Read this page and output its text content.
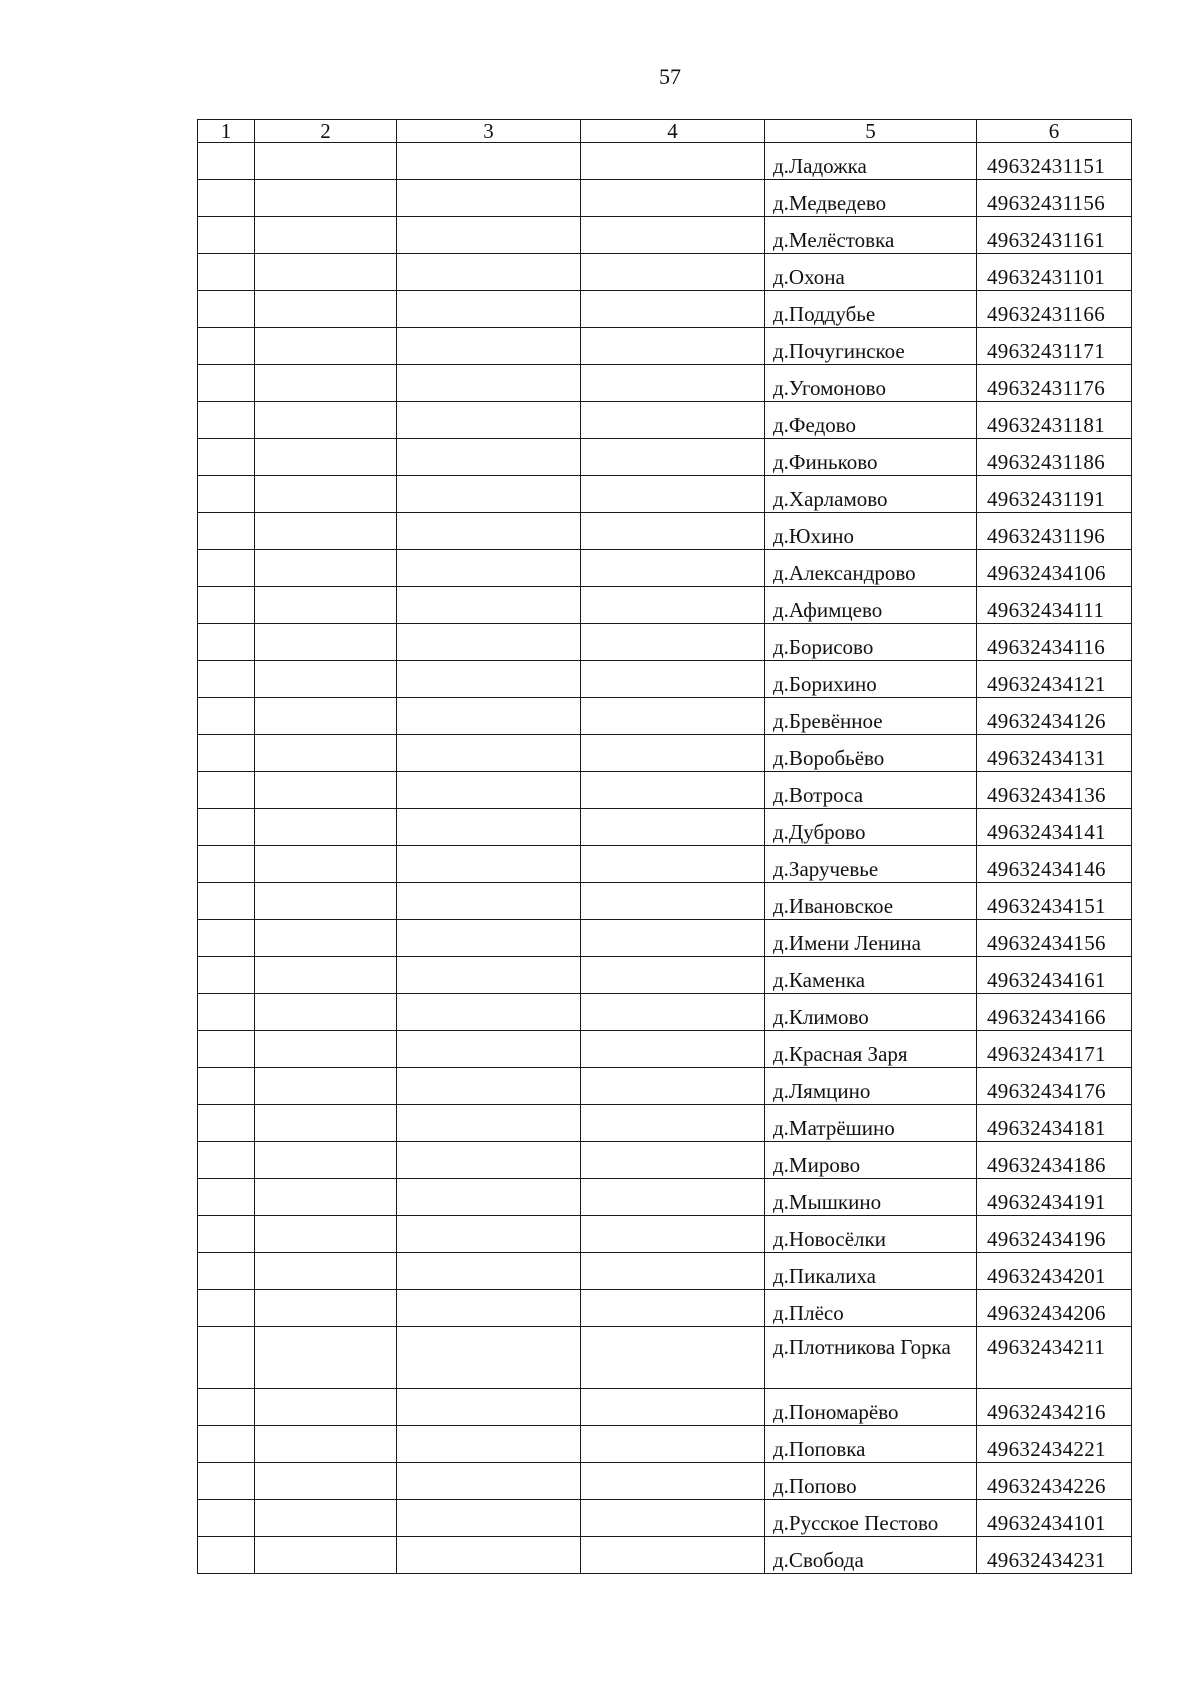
57
1	2	3	4	5	6
				д.Ладожка	49632431151
				д.Медведево	49632431156
				д.Мелёстовка	49632431161
				д.Охона	49632431101
				д.Поддубье	49632431166
				д.Почугинское	49632431171
				д.Угомоново	49632431176
				д.Федово	49632431181
				д.Финьково	49632431186
				д.Харламово	49632431191
				д.Юхино	49632431196
				д.Александрово	49632434106
				д.Афимцево	49632434111
				д.Борисово	49632434116
				д.Борихино	49632434121
				д.Бревённое	49632434126
				д.Воробьёво	49632434131
				д.Вотроса	49632434136
				д.Дуброво	49632434141
				д.Заручевье	49632434146
				д.Ивановское	49632434151
				д.Имени Ленина	49632434156
				д.Каменка	49632434161
				д.Климово	49632434166
				д.Красная Заря	49632434171
				д.Лямцино	49632434176
				д.Матрёшино	49632434181
				д.Мирово	49632434186
				д.Мышкино	49632434191
				д.Новосёлки	49632434196
				д.Пикалиха	49632434201
				д.Плёсо	49632434206
				д.Плотникова Горка	49632434211
				д.Пономарёво	49632434216
				д.Поповка	49632434221
				д.Попово	49632434226
				д.Русское Пестово	49632434101
				д.Свобода	49632434231
